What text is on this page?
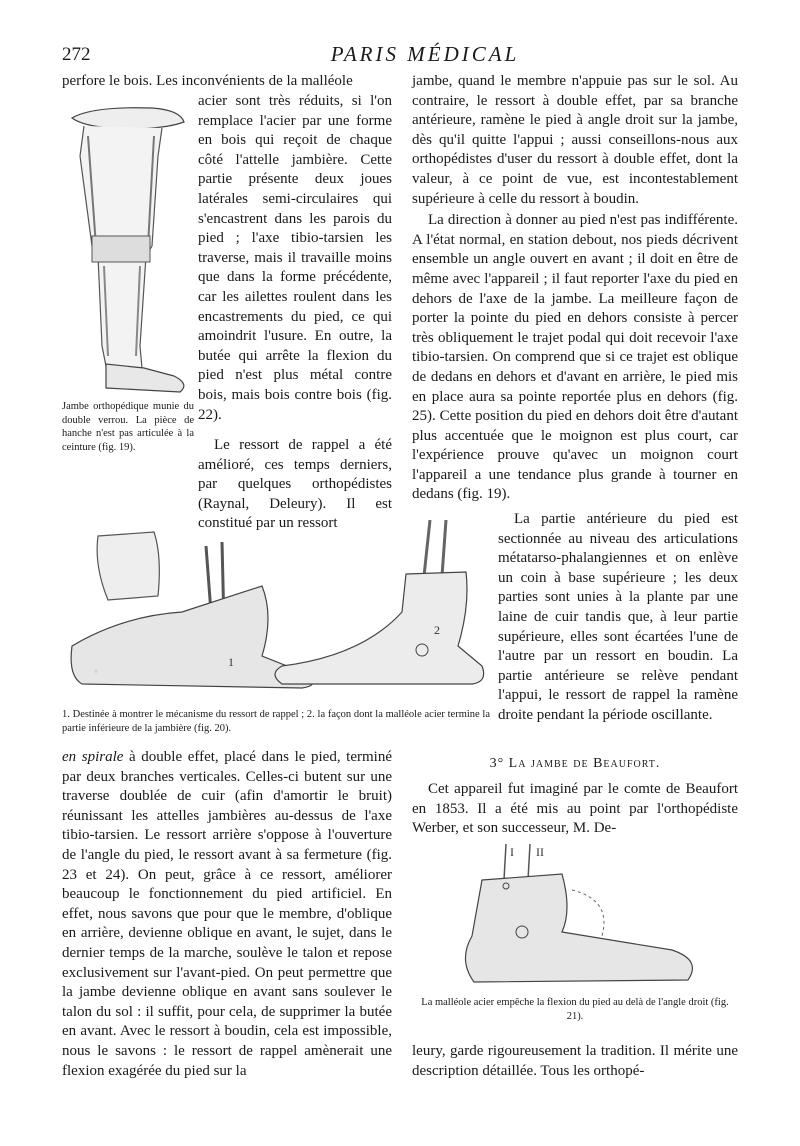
272	PARIS MÉDICAL
Jambe orthopédique munie du double verrou. La pièce de hanche n'est pas articulée à la ceinture (fig. 19).
perfore le bois. Les inconvénients de la malléole

acier sont très réduits, si l'on remplace l'acier par une forme en bois qui reçoit de chaque côté l'attelle jambière. Cette partie présente deux joues latérales semi-circulaires qui s'encastrent dans les parois du pied ; l'axe tibio-tarsien les traverse, mais il travaille moins que dans la forme précédente, car les ailettes roulent dans les encastrements du pied, ce qui amoindrit l'usure. En outre, la butée qui arrête la flexion du pied n'est plus métal contre bois, mais bois contre bois (fig. 22).

Le ressort de rappel a été amélioré, ces temps derniers, par quelques orthopédistes (Raynal, Deleury). Il est constitué par un ressort

1
2
1. Destinée à montrer le mécanisme du ressort de rappel ; 2. la façon dont la malléole acier termine la partie inférieure de la jambière (fig. 20).

en spirale à double effet, placé dans le pied, terminé par deux branches verticales. Celles-ci butent sur une traverse doublée de cuir (afin d'amortir le bruit) réunissant les attelles jambières au-dessus de l'axe tibio-tarsien. Le ressort arrière s'oppose à l'ouverture de l'angle du pied, le ressort avant à sa fermeture (fig. 23 et 24). On peut, grâce à ce ressort, améliorer beaucoup le fonctionnement du pied artificiel. En effet, nous savons que pour que le membre, d'oblique en arrière, devienne oblique en avant, le sujet, dans le dernier temps de la marche, soulève le talon et repose exclusivement sur l'avant-pied. On peut permettre que la jambe devienne oblique en avant sans soulever le talon du sol : il suffit, pour cela, de supprimer la butée en avant. Avec le ressort à boudin, cela est impossible, nous le savons : le ressort de rappel amènerait une flexion exagérée du pied sur la

jambe, quand le membre n'appuie pas sur le sol. Au contraire, le ressort à double effet, par sa branche antérieure, ramène le pied à angle droit sur la jambe, dès qu'il quitte l'appui ; aussi conseillons-nous aux orthopédistes d'user du ressort à double effet, dont la valeur, à ce point de vue, est incontestablement supérieure à celle du ressort à boudin.

La direction à donner au pied n'est pas indifférente. A l'état normal, en station debout, nos pieds décrivent ensemble un angle ouvert en avant ; il doit en être de même avec l'appareil ; il faut reporter l'axe du pied en dehors de l'axe de la jambe. La meilleure façon de porter la pointe du pied en dehors consiste à percer très obliquement le trajet podal qui doit recevoir l'axe tibio-tarsien. On comprend que si ce trajet est oblique de dedans en dehors et d'avant en arrière, le pied mis en place aura sa pointe reportée plus en dehors (fig. 25). Cette position du pied en dehors doit être d'autant plus accentuée que le moignon est plus court, car l'expérience prouve qu'avec un moignon court l'appareil a une tendance plus grande à tourner en dedans (fig. 19).

La partie antérieure du pied est sectionnée au niveau des articulations métatarso-phalangiennes et on enlève un coin à base supérieure ; les deux parties sont unies à la plante par une laine de cuir tandis que, à leur partie supérieure, elles sont écartées l'une de l'autre par un ressort en boudin. La partie antérieure se relève pendant l'appui, le ressort de rappel la ramène droite pendant la période oscillante.

3° La jambe de Beaufort.

Cet appareil fut imaginé par le comte de Beaufort en 1853. Il a été mis au point par l'orthopédiste Werber, et son successeur, M. De-

I II
La malléole acier empêche la flexion du pied au delà de l'angle droit (fig. 21).

leury, garde rigoureusement la tradition. Il mérite une description détaillée. Tous les orthopé-
